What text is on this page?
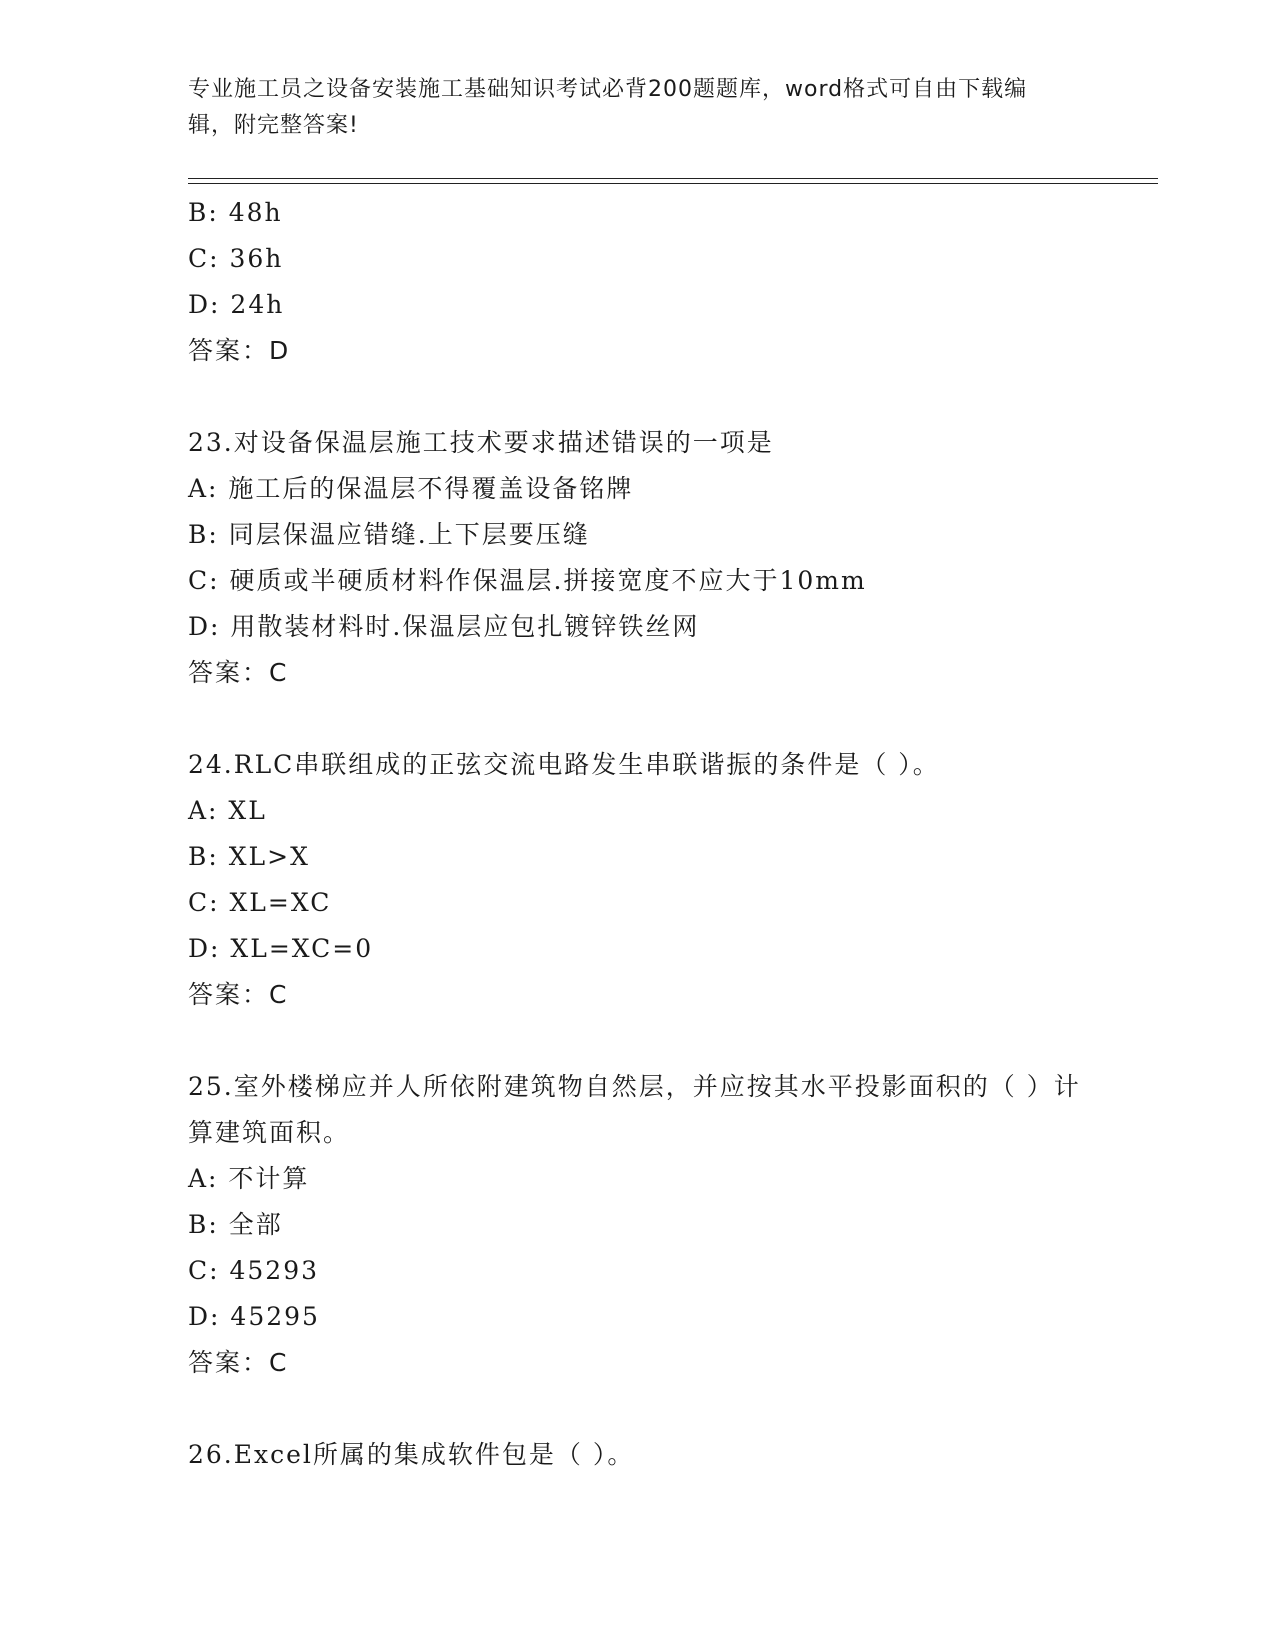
专业施工员之设备安装施工基础知识考试必背200题题库，word格式可自由下载编辑，附完整答案!
B: 48h
C: 36h
D: 24h
答案：D
23.对设备保温层施工技术要求描述错误的一项是
A: 施工后的保温层不得覆盖设备铭牌
B: 同层保温应错缝.上下层要压缝
C: 硬质或半硬质材料作保温层.拼接宽度不应大于10mm
D: 用散装材料时.保温层应包扎镀锌铁丝网
答案：C
24.RLC串联组成的正弦交流电路发生串联谐振的条件是（ ）。
A: XL
B: XL>X
C: XL=XC
D: XL=XC=0
答案：C
25.室外楼梯应并人所依附建筑物自然层，并应按其水平投影面积的（ ）计算建筑面积。
A: 不计算
B: 全部
C: 45293
D: 45295
答案：C
26.Excel所属的集成软件包是（ ）。
